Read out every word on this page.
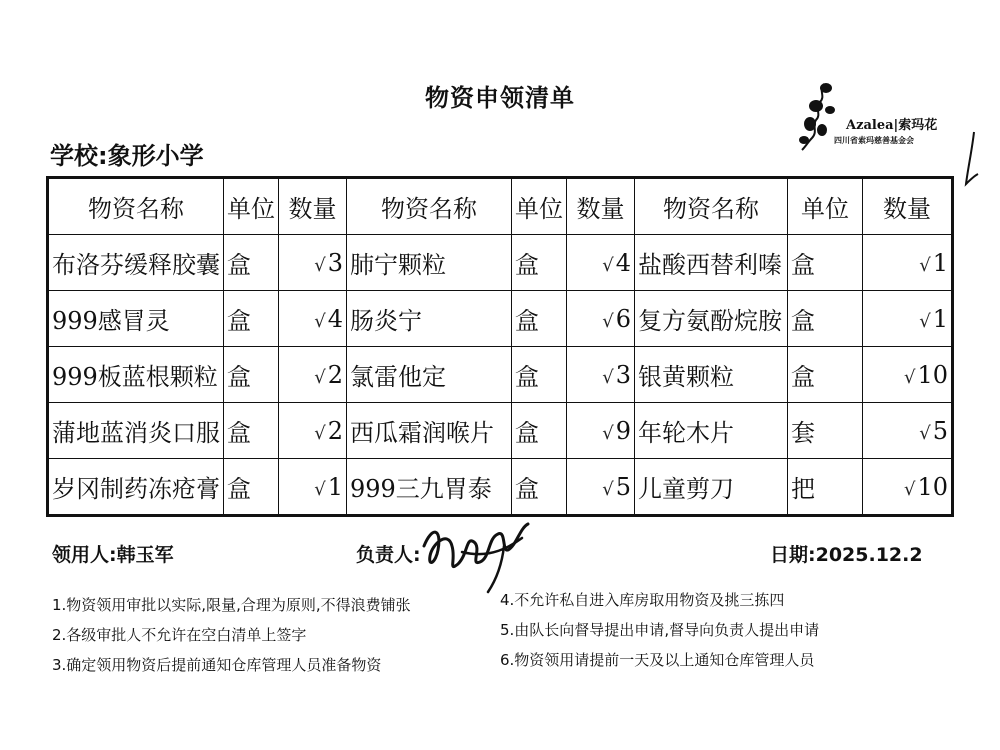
物资申领清单
学校:象形小学
Azalea|索玛花
四川省索玛慈善基金会
物资名称	单位	数量	物资名称	单位	数量	物资名称	单位	数量
布洛芬缓释胶囊	盒	√3	肺宁颗粒	盒	√4	盐酸西替利嗪	盒	√1
999感冒灵	盒	√4	肠炎宁	盒	√6	复方氨酚烷胺	盒	√1
999板蓝根颗粒	盒	√2	氯雷他定	盒	√3	银黄颗粒	盒	√10
蒲地蓝消炎口服	盒	√2	西瓜霜润喉片	盒	√9	年轮木片	套	√5
岁冈制药冻疮膏	盒	√1	999三九胃泰	盒	√5	儿童剪刀	把	√10
领用人:韩玉军	负责人:	日期:2025.12.2
1.物资领用审批以实际,限量,合理为原则,不得浪费铺张
2.各级审批人不允许在空白清单上签字
3.确定领用物资后提前通知仓库管理人员准备物资
4.不允许私自进入库房取用物资及挑三拣四
5.由队长向督导提出申请,督导向负责人提出申请
6.物资领用请提前一天及以上通知仓库管理人员
